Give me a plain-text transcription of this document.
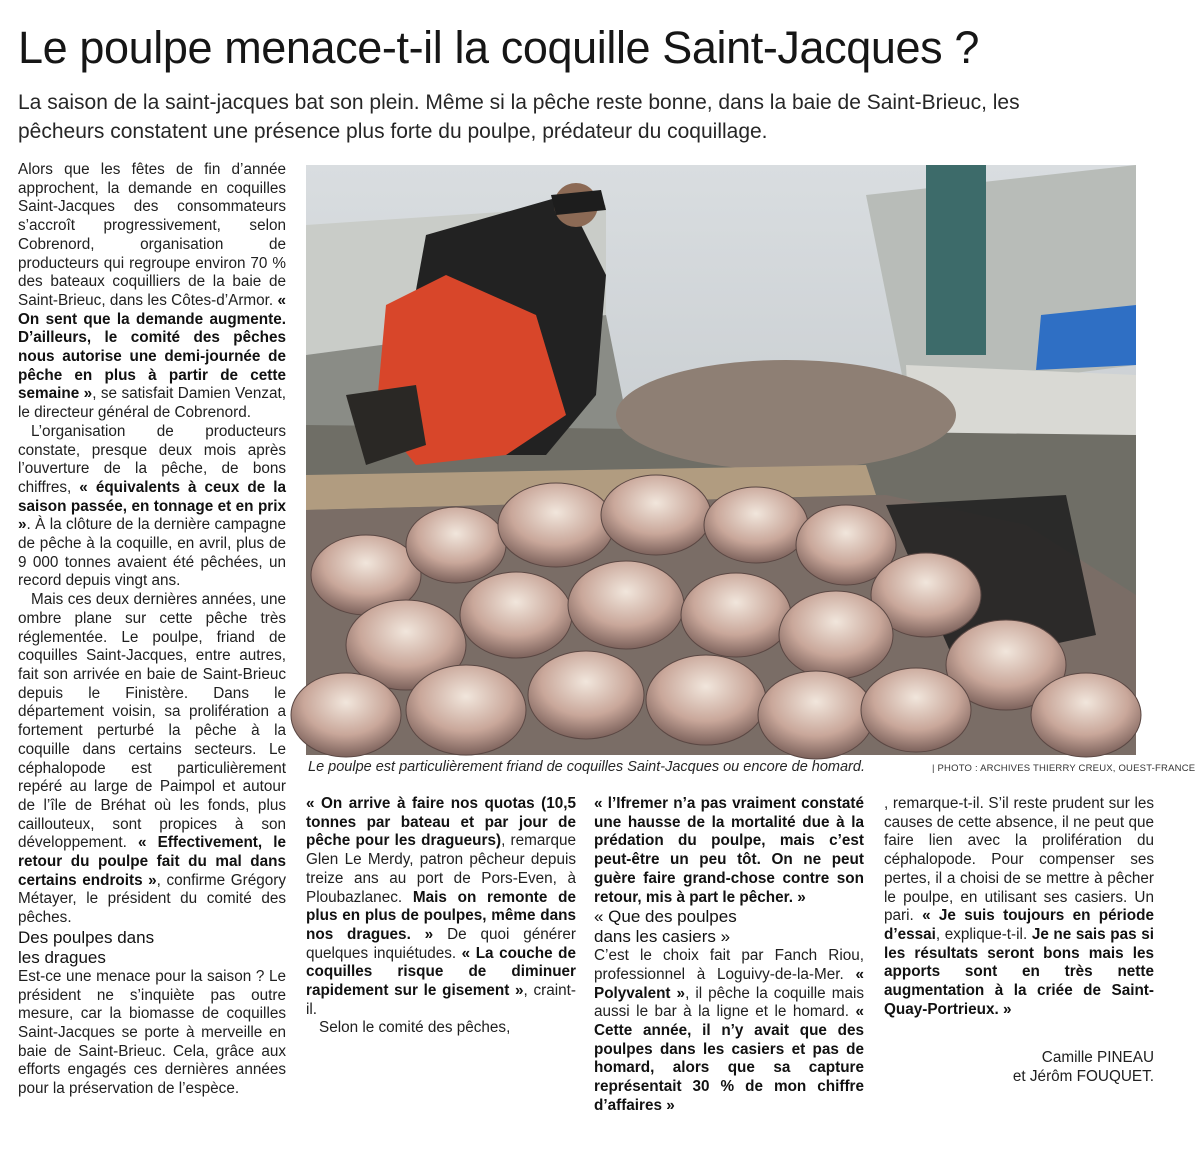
Le poulpe menace-t-il la coquille Saint-Jacques ?

La saison de la saint-jacques bat son plein. Même si la pêche reste bonne, dans la baie de Saint-Brieuc, les pêcheurs constatent une présence plus forte du poulpe, prédateur du coquillage.

Alors que les fêtes de fin d’année approchent, la demande en coquilles Saint-Jacques des consommateurs s’accroît progressivement, selon Cobrenord, organisation de producteurs qui regroupe environ 70 % des bateaux coquilliers de la baie de Saint-Brieuc, dans les Côtes-d’Armor. « On sent que la demande augmente. D’ailleurs, le comité des pêches nous autorise une demi-journée de pêche en plus à partir de cette semaine », se satisfait Damien Venzat, le directeur général de Cobrenord.

L’organisation de producteurs constate, presque deux mois après l’ouverture de la pêche, de bons chiffres, « équivalents à ceux de la saison passée, en tonnage et en prix ». À la clôture de la dernière campagne de pêche à la coquille, en avril, plus de 9 000 tonnes avaient été pêchées, un record depuis vingt ans.

Mais ces deux dernières années, une ombre plane sur cette pêche très réglementée. Le poulpe, friand de coquilles Saint-Jacques, entre autres, fait son arrivée en baie de Saint-Brieuc depuis le Finistère. Dans le département voisin, sa prolifération a fortement perturbé la pêche à la coquille dans certains secteurs. Le céphalopode est particulièrement repéré au large de Paimpol et autour de l’île de Bréhat où les fonds, plus caillouteux, sont propices à son développement. « Effectivement, le retour du poulpe fait du mal dans certains endroits », confirme Grégory Métayer, le président du comité des pêches.

Des poulpes dans les dragues

Est-ce une menace pour la saison ? Le président ne s’inquiète pas outre mesure, car la biomasse de coquilles Saint-Jacques se porte à merveille en baie de Saint-Brieuc. Cela, grâce aux efforts engagés ces dernières années pour la préservation de l’espèce.

Le poulpe est particulièrement friand de coquilles Saint-Jacques ou encore de homard.	| PHOTO : ARCHIVES THIERRY CREUX, OUEST-FRANCE

« On arrive à faire nos quotas (10,5 tonnes par bateau et par jour de pêche pour les dragueurs), remarque Glen Le Merdy, patron pêcheur depuis treize ans au port de Pors-Even, à Ploubazlanec. Mais on remonte de plus en plus de poulpes, même dans nos dragues. » De quoi générer quelques inquiétudes. « La couche de coquilles risque de diminuer rapidement sur le gisement », craint-il.

Selon le comité des pêches,

« l’Ifremer n’a pas vraiment constaté une hausse de la mortalité due à la prédation du poulpe, mais c’est peut-être un peu tôt. On ne peut guère faire grand-chose contre son retour, mis à part le pêcher. »

« Que des poulpes dans les casiers »

C’est le choix fait par Fanch Riou, professionnel à Loguivy-de-la-Mer. « Polyvalent », il pêche la coquille mais aussi le bar à la ligne et le homard. « Cette année, il n’y avait que des poulpes dans les casiers et pas de homard, alors que sa capture représentait 30 % de mon chiffre d’affaires »

, remarque-t-il. S’il reste prudent sur les causes de cette absence, il ne peut que faire lien avec la prolifération du céphalopode. Pour compenser ses pertes, il a choisi de se mettre à pêcher le poulpe, en utilisant ses casiers. Un pari. « Je suis toujours en période d’essai, explique-t-il. Je ne sais pas si les résultats seront bons mais les apports sont en très nette augmentation à la criée de Saint-Quay-Portrieux. »

Camille PINEAU
et Jérôm FOUQUET.
